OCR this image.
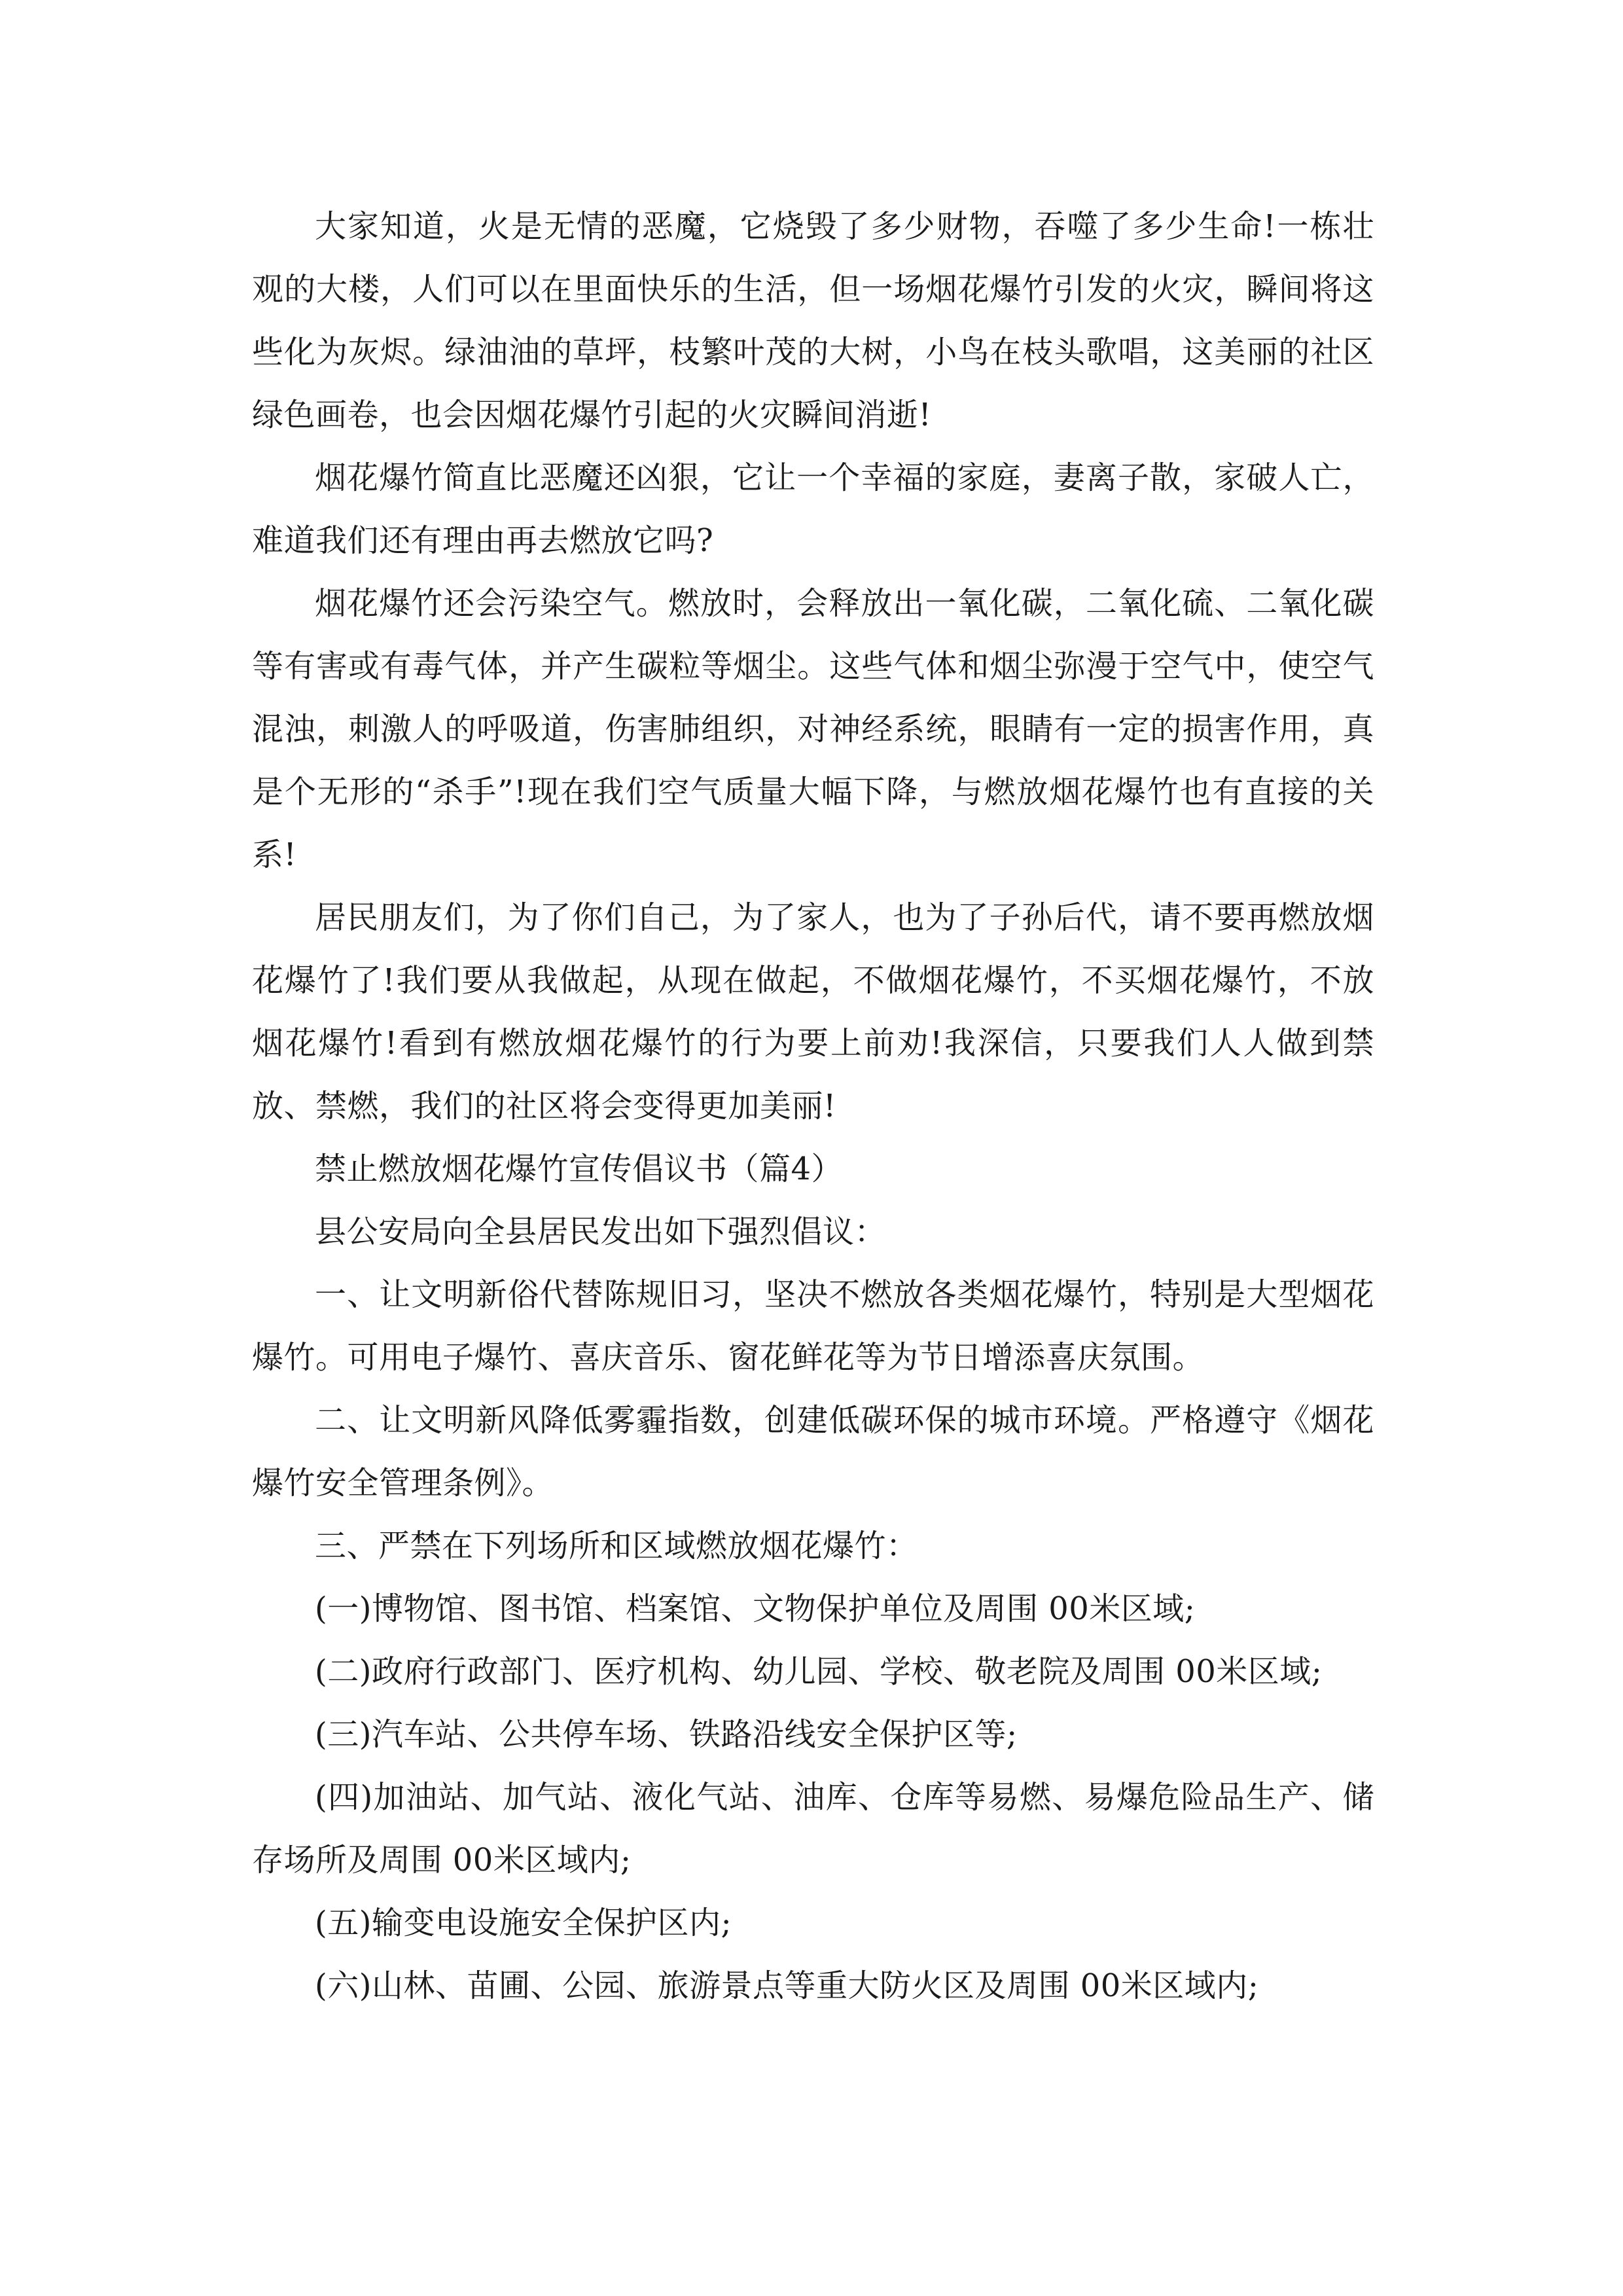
大家知道，火是无情的恶魔，它烧毁了多少财物，吞噬了多少生命!一栋壮观的大楼，人们可以在里面快乐的生活，但一场烟花爆竹引发的火灾，瞬间将这些化为灰烬。绿油油的草坪，枝繁叶茂的大树，小鸟在枝头歌唱，这美丽的社区绿色画卷，也会因烟花爆竹引起的火灾瞬间消逝!

烟花爆竹简直比恶魔还凶狠，它让一个幸福的家庭，妻离子散，家破人亡，难道我们还有理由再去燃放它吗?

烟花爆竹还会污染空气。燃放时，会释放出一氧化碳，二氧化硫、二氧化碳等有害或有毒气体，并产生碳粒等烟尘。这些气体和烟尘弥漫于空气中，使空气混浊，刺激人的呼吸道，伤害肺组织，对神经系统，眼睛有一定的损害作用，真是个无形的“杀手”!现在我们空气质量大幅下降，与燃放烟花爆竹也有直接的关系!

居民朋友们，为了你们自己，为了家人，也为了子孙后代，请不要再燃放烟花爆竹了!我们要从我做起，从现在做起，不做烟花爆竹，不买烟花爆竹，不放烟花爆竹!看到有燃放烟花爆竹的行为要上前劝!我深信，只要我们人人做到禁放、禁燃，我们的社区将会变得更加美丽!

禁止燃放烟花爆竹宣传倡议书（篇4）

县公安局向全县居民发出如下强烈倡议：

一、让文明新俗代替陈规旧习，坚决不燃放各类烟花爆竹，特别是大型烟花爆竹。可用电子爆竹、喜庆音乐、窗花鲜花等为节日增添喜庆氛围。

二、让文明新风降低雾霾指数，创建低碳环保的城市环境。严格遵守《烟花爆竹安全管理条例》。

三、严禁在下列场所和区域燃放烟花爆竹：

(一)博物馆、图书馆、档案馆、文物保护单位及周围 00米区域;

(二)政府行政部门、医疗机构、幼儿园、学校、敬老院及周围 00米区域;

(三)汽车站、公共停车场、铁路沿线安全保护区等;

(四)加油站、加气站、液化气站、油库、仓库等易燃、易爆危险品生产、储存场所及周围 00米区域内;

(五)输变电设施安全保护区内;

(六)山林、苗圃、公园、旅游景点等重大防火区及周围 00米区域内;
